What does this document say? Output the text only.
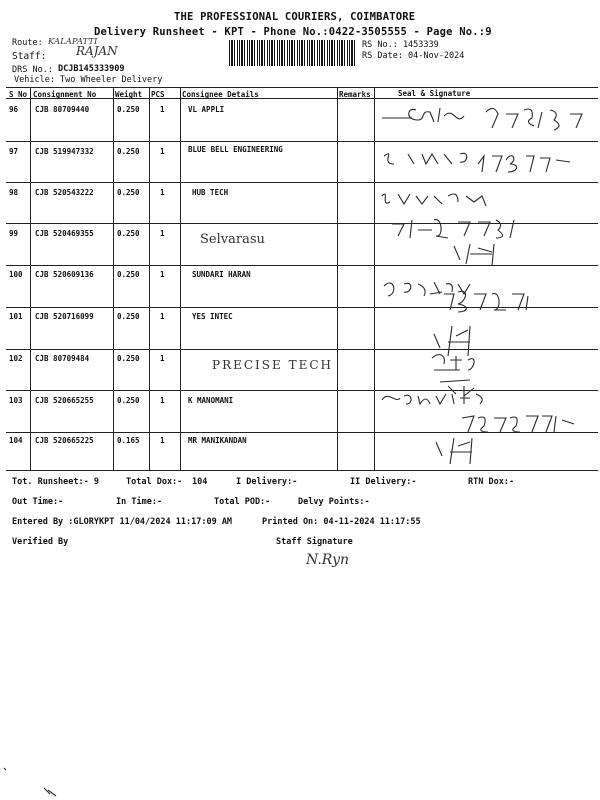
THE PROFESSIONAL COURIERS, COIMBATORE
Delivery Runsheet - KPT - Phone No.:0422-3505555 - Page No.:9
Route: KALAPATTI
Staff: RAJAN
DRS No.: DCJB145333909
Vehicle: Two Wheeler Delivery
RS No.: 1453339
RS Date: 04-Nov-2024
S No Consignment No	Weight PCS Consignee Details	Remarks	Seal & Signature
96 CJB 80709440	0.250	1	VL APPLI
97 CJB 519947332	0.250	1	BLUE BELL ENGINEERING
98 CJB 520543222	0.250	1	HUB TECH
99 CJB 520469355	0.250	1	Selvarasu
100 CJB 520609136	0.250	1	SUNDARI HARAN
101 CJB 520716099	0.250	1	YES INTEC
102 CJB 80709484	0.250	1	PRECISE TECH
103 CJB 520665255	0.250	1	K MANOMANI
104 CJB 520665225	0.165	1	MR MANIKANDAN
Tot. Runsheet:- 9	Total Dox:- 104	I Delivery:-	II Delivery:-	RTN Dox:-
Out Time:-	In Time:-	Total POD:-	Delvy Points:-
Entered By :GLORYKPT 11/04/2024 11:17:09 AM	Printed On: 04-11-2024 11:17:55
Verified By	Staff Signature
N.Ryn
